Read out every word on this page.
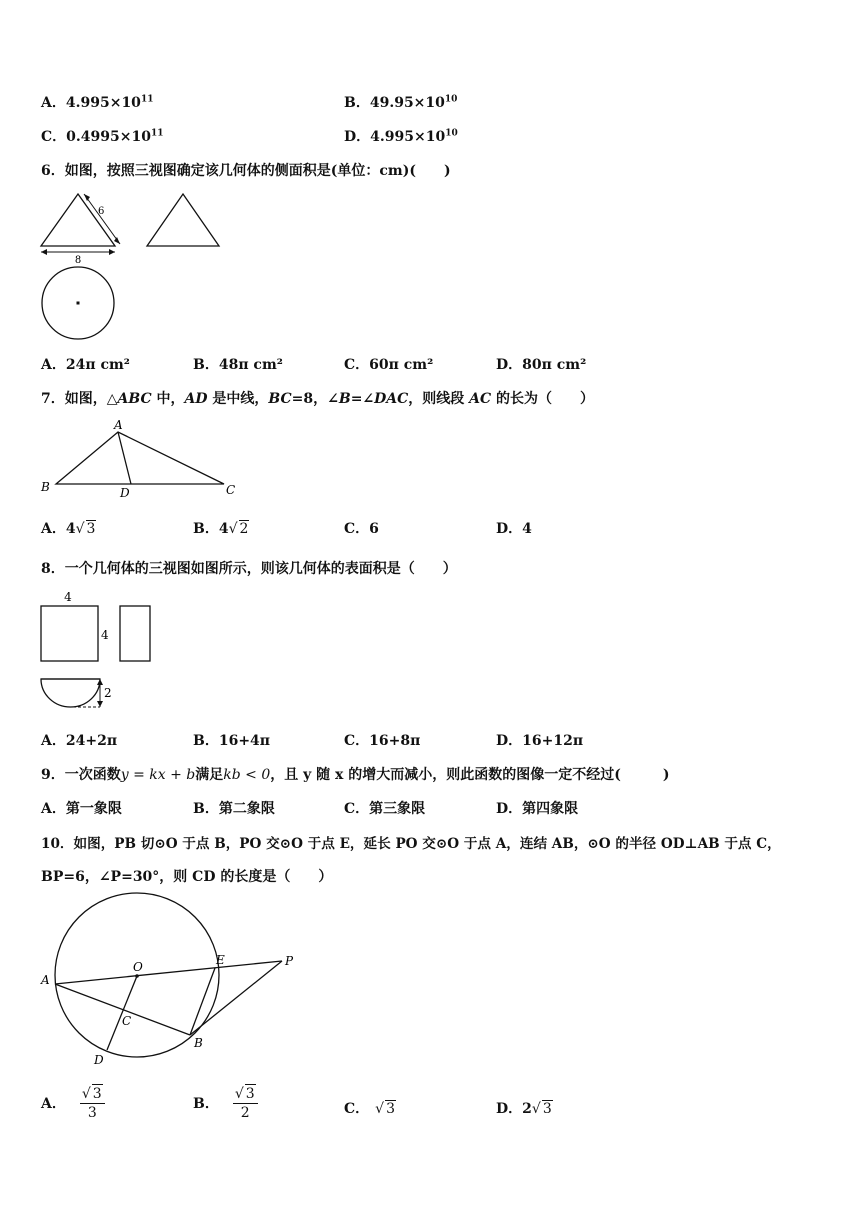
A．$4.995\times 10^{11}$	B．$49.95\times 10^{10}$
C．$0.4995\times 10^{11}$	D．$4.995\times 10^{10}$
6．如图，按照三视图确定该几何体的侧面积是(单位：cm)(　　)
6
8
A．24π cm²	B．48π cm²	C．60π cm²	D．80π cm²
7．如图，△ABC 中，AD 是中线，BC=8，∠B=∠DAC，则线段 AC 的长为（　　）
A
B	C
D
A．4√ 3	B．4√ 2	C．6	D．4
8．一个几何体的三视图如图所示，则该几何体的表面积是（　　）
4
4
2
A．24+2π	B．16+4π	C．16+8π	D．16+12π
9．一次函数y = kx + b满足kb < 0，且 y 随 x 的增大而减小，则此函数的图像一定不经过(　　　)
A．第一象限	B．第二象限	C．第三象限	D．第四象限
10．如图，PB 切⊙O 于点 B，PO 交⊙O 于点 E，延长 PO 交⊙O 于点 A，连结 AB，⊙O 的半径 OD⊥AB 于点 C，
BP=6，∠P=30°，则 CD 的长度是（　　）
A
O	E	P
C
B
D
A． $\frac{√ 3}{3}$	B． $\frac{√ 3}{2}$	C． √ 3	D．2√ 3
